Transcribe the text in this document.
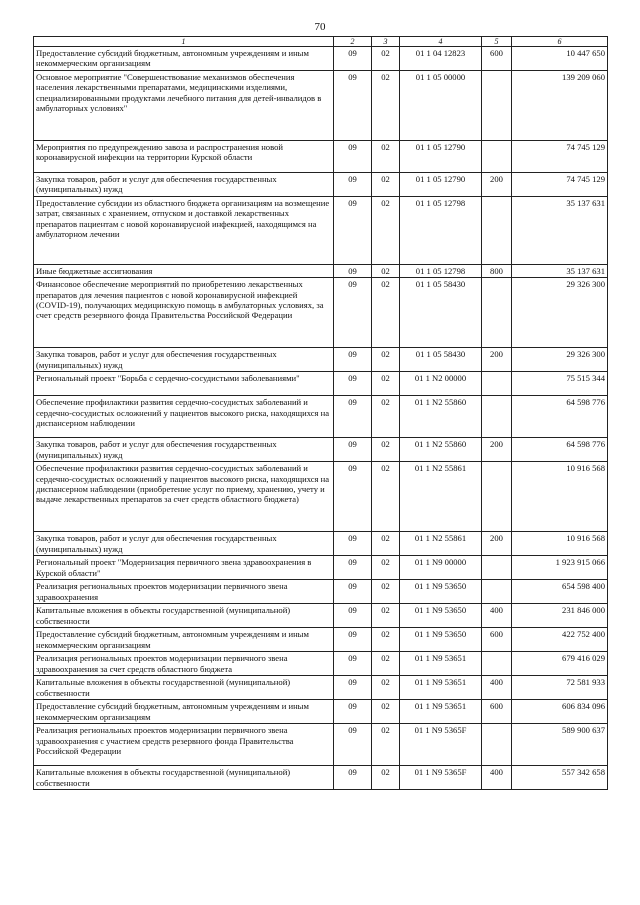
70
1	2	3	4	5	6
Предоставление субсидий бюджетным, автономным учреждениям и иным некоммерческим организациям	09	02	01 1 04 12823	600	10 447 650
Основное мероприятие "Совершенствование механизмов обеспечения населения лекарственными препаратами, медицинскими изделиями, специализированными продуктами лечебного питания для детей-инвалидов в амбулаторных условиях"	09	02	01 1 05 00000		139 209 060
Мероприятия по предупреждению завоза и распространения новой коронавирусной инфекции на территории Курской области	09	02	01 1 05 12790		74 745 129
Закупка товаров, работ и услуг для обеспечения государственных (муниципальных) нужд	09	02	01 1 05 12790	200	74 745 129
Предоставление субсидии из областного бюджета организациям на возмещение затрат, связанных с хранением, отпуском и доставкой лекарственных препаратов пациентам с новой коронавирусной инфекцией, находящимся на амбулаторном лечении	09	02	01 1 05 12798		35 137 631
Иные бюджетные ассигнования	09	02	01 1 05 12798	800	35 137 631
Финансовое обеспечение мероприятий по приобретению лекарственных препаратов для лечения пациентов с новой коронавирусной инфекцией (COVID-19), получающих медицинскую помощь в амбулаторных условиях, за счет средств резервного фонда Правительства Российской Федерации	09	02	01 1 05 58430		29 326 300
Закупка товаров, работ и услуг для обеспечения государственных (муниципальных) нужд	09	02	01 1 05 58430	200	29 326 300
Региональный проект "Борьба с сердечно-сосудистыми заболеваниями"	09	02	01 1 N2 00000		75 515 344
Обеспечение профилактики развития сердечно-сосудистых заболеваний и сердечно-сосудистых осложнений у пациентов высокого риска, находящихся на диспансерном наблюдении	09	02	01 1 N2 55860		64 598 776
Закупка товаров, работ и услуг для обеспечения государственных (муниципальных) нужд	09	02	01 1 N2 55860	200	64 598 776
Обеспечение профилактики развития сердечно-сосудистых заболеваний и сердечно-сосудистых осложнений у пациентов высокого риска, находящихся на диспансерном наблюдении (приобретение услуг по приему, хранению, учету и выдаче лекарственных препаратов за счет средств областного бюджета)	09	02	01 1 N2 55861		10 916 568
Закупка товаров, работ и услуг для обеспечения государственных (муниципальных) нужд	09	02	01 1 N2 55861	200	10 916 568
Региональный проект "Модернизация первичного звена здравоохранения в Курской области"	09	02	01 1 N9 00000		1 923 915 066
Реализация региональных проектов модернизации первичного звена здравоохранения	09	02	01 1 N9 53650		654 598 400
Капитальные вложения в объекты государственной (муниципальной) собственности	09	02	01 1 N9 53650	400	231 846 000
Предоставление субсидий бюджетным, автономным учреждениям и иным некоммерческим организациям	09	02	01 1 N9 53650	600	422 752 400
Реализация региональных проектов модернизации первичного звена здравоохранения за счет средств областного бюджета	09	02	01 1 N9 53651		679 416 029
Капитальные вложения в объекты государственной (муниципальной) собственности	09	02	01 1 N9 53651	400	72 581 933
Предоставление субсидий бюджетным, автономным учреждениям и иным некоммерческим организациям	09	02	01 1 N9 53651	600	606 834 096
Реализация региональных проектов модернизации первичного звена здравоохранения с участием средств резервного фонда Правительства Российской Федерации	09	02	01 1 N9 5365F		589 900 637
Капитальные вложения в объекты государственной (муниципальной) собственности	09	02	01 1 N9 5365F	400	557 342 658
